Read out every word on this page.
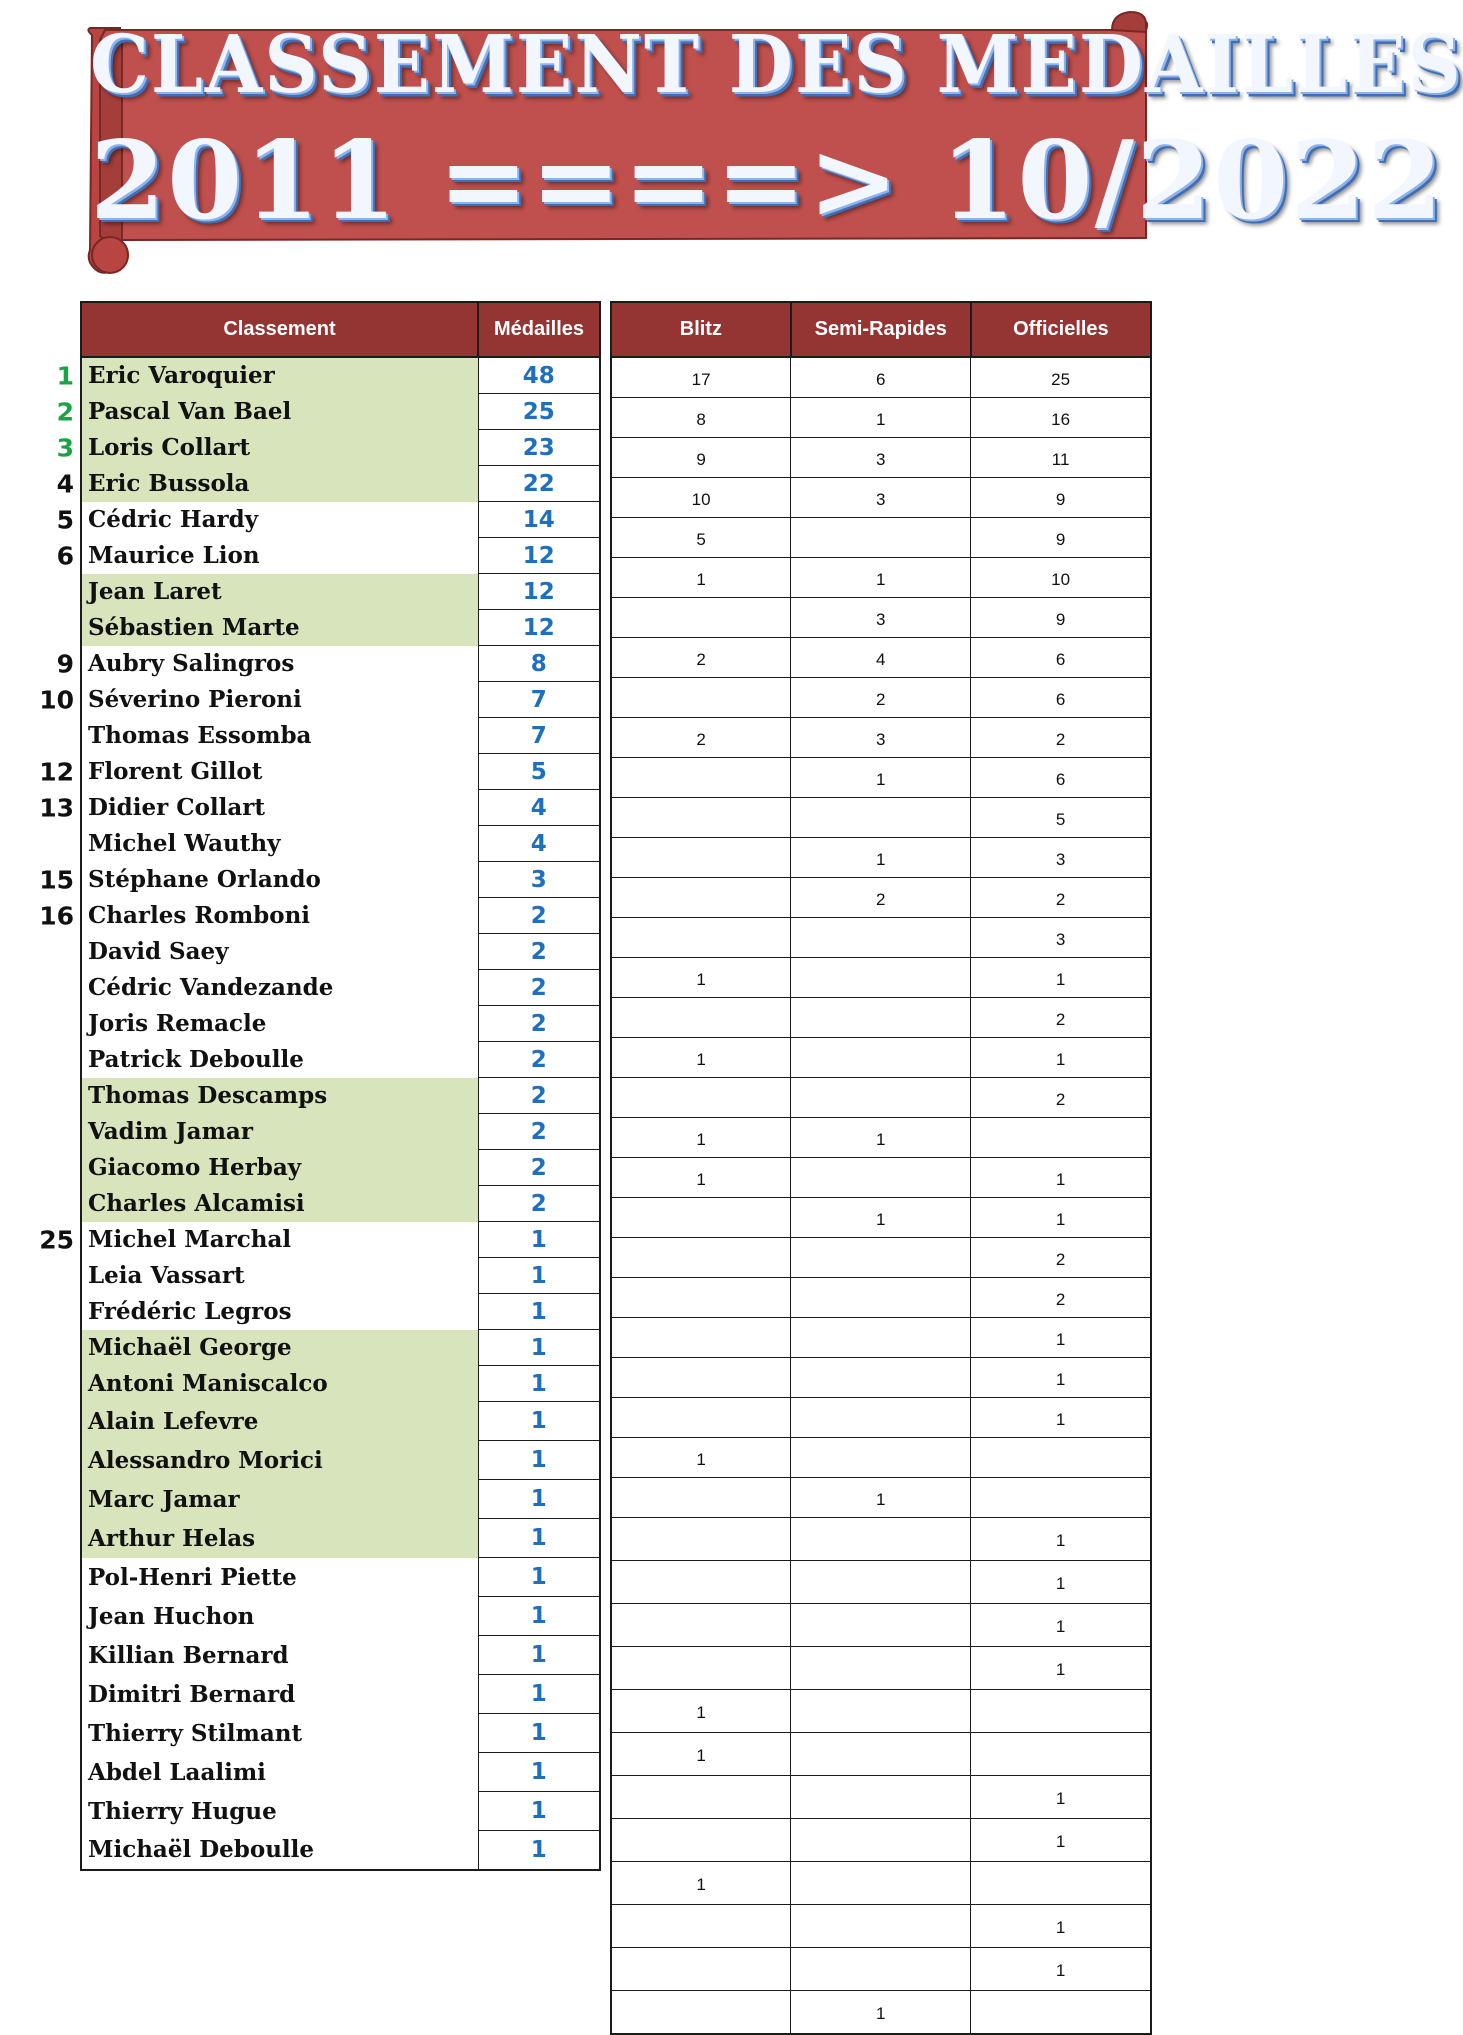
CLASSEMENT DES MEDAILLES
2011 ====> 10/2022
Classement	Médailles

1 Eric Varoquier	48

2 Pascal Van Bael	25

3 Loris Collart	23

4 Eric Bussola	22

5 Cédric Hardy	14

6 Maurice Lion	12

Jean Laret	12

Sébastien Marte	12

9 Aubry Salingros	8

10 Séverino Pieroni	7

Thomas Essomba	7

12 Florent Gillot	5

13 Didier Collart	4

Michel Wauthy	4

15 Stéphane Orlando	3

16 Charles Romboni	2

David Saey	2

Cédric Vandezande	2

Joris Remacle	2

Patrick Deboulle	2

Thomas Descamps	2

Vadim Jamar	2

Giacomo Herbay	2

Charles Alcamisi	2

25 Michel Marchal	1

Leia Vassart	1

Frédéric Legros	1

Michaël George	1

Antoni Maniscalco	1

Alain Lefevre	1

Alessandro Morici	1

Marc Jamar	1

Arthur Helas	1

Pol-Henri Piette	1

Jean Huchon	1

Killian Bernard	1

Dimitri Bernard	1

Thierry Stilmant	1

Abdel Laalimi	1

Thierry Hugue	1

Michaël Deboulle	1
Blitz	Semi-Rapides	Officielles
17	6	25
8	1	16
9	3	11
10	3	9
5		9
1	1	10
	3	9
2	4	6
	2	6
2	3	2
	1	6
		5
	1	3
	2	2
		3
1		1
		2
1		1
		2
1	1	
1		1
	1	1
		2
		2
		1
		1
		1
1		
	1	
		1
		1
		1
		1
1		
1		
		1
		1
1		
		1
		1
	1	
